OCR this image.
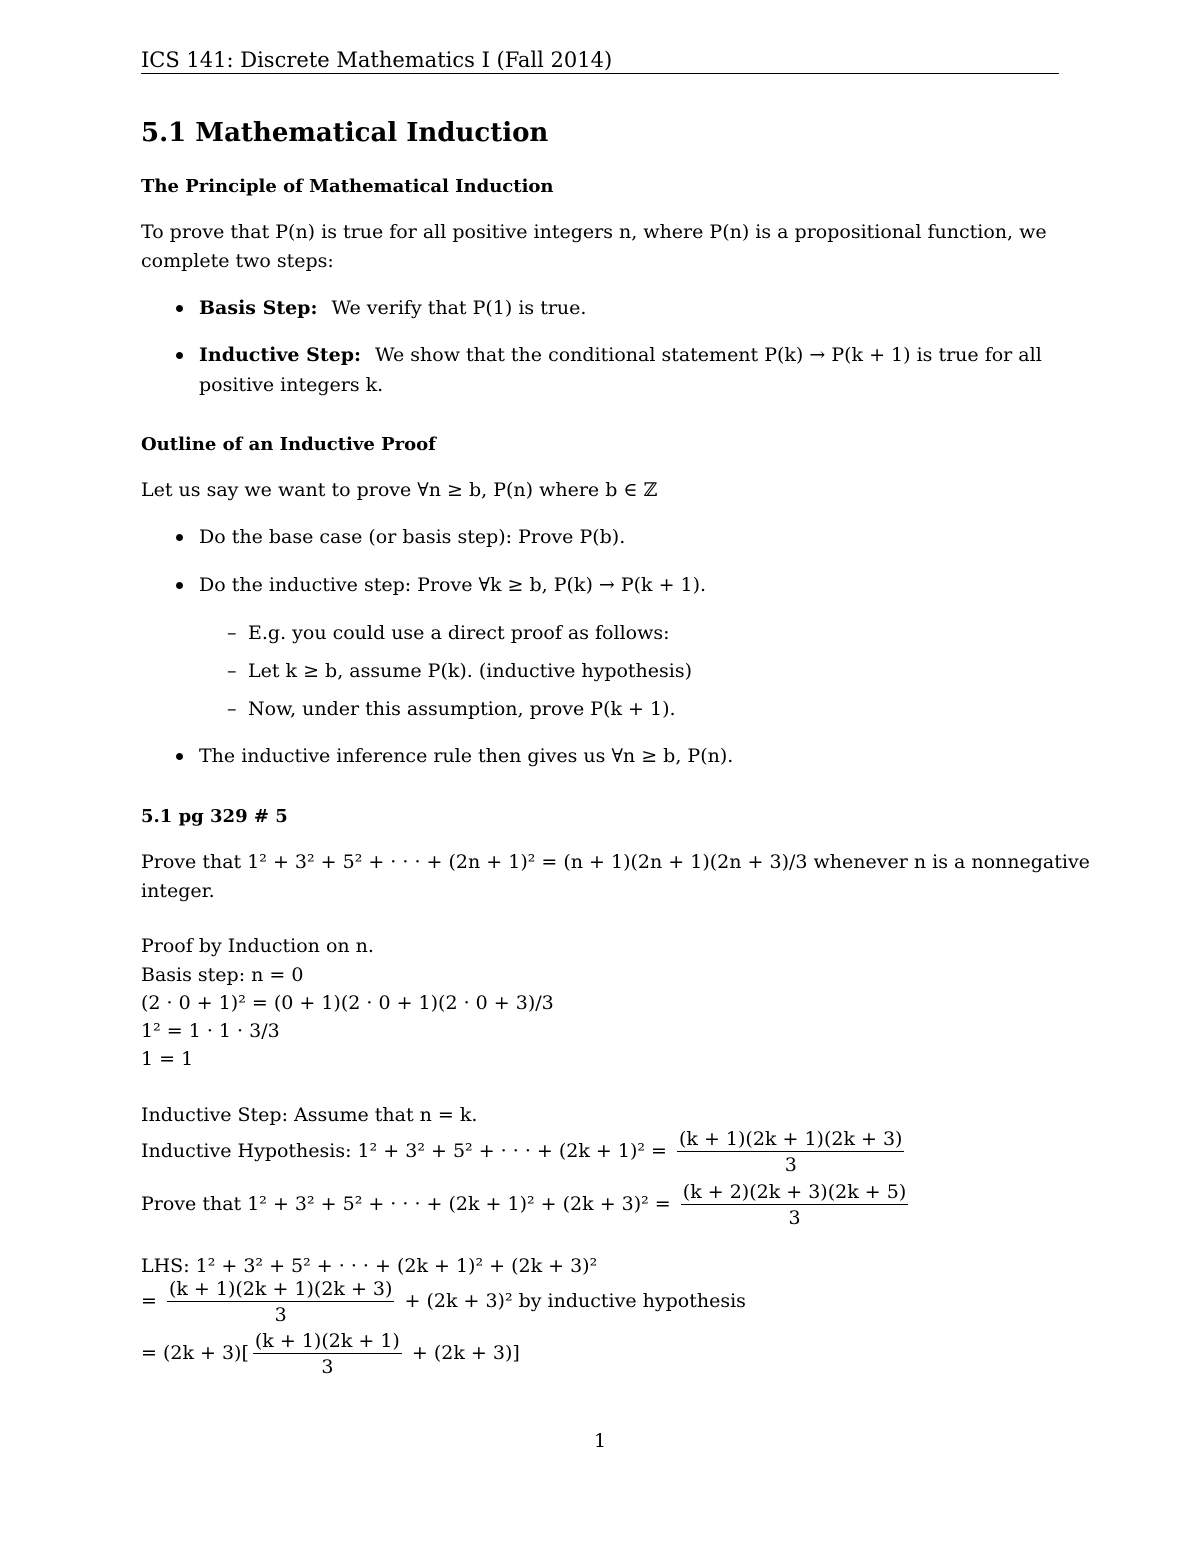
ICS 141: Discrete Mathematics I (Fall 2014)
5.1 Mathematical Induction
The Principle of Mathematical Induction
To prove that P(n) is true for all positive integers n, where P(n) is a propositional function, we
complete two steps:
Basis Step: We verify that P(1) is true.
Inductive Step: We show that the conditional statement P(k) → P(k + 1) is true for all
positive integers k.
Outline of an Inductive Proof
Let us say we want to prove ∀n ≥ b, P(n) where b ∈ ℤ
Do the base case (or basis step): Prove P(b).
Do the inductive step: Prove ∀k ≥ b, P(k) → P(k + 1).
– E.g. you could use a direct proof as follows:
– Let k ≥ b, assume P(k). (inductive hypothesis)
– Now, under this assumption, prove P(k + 1).
The inductive inference rule then gives us ∀n ≥ b, P(n).
5.1 pg 329 # 5
Prove that 1² + 3² + 5² + · · · + (2n + 1)² = (n + 1)(2n + 1)(2n + 3)/3 whenever n is a nonnegative
integer.
Proof by Induction on n.
Basis step: n = 0
(2 · 0 + 1)² = (0 + 1)(2 · 0 + 1)(2 · 0 + 3)/3
1² = 1 · 1 · 3/3
1 = 1
Inductive Step: Assume that n = k.
Inductive Hypothesis: 1² + 3² + 5² + · · · + $(2k + 1)^2 = \frac{(k + 1)(2k + 1)(2k + 3)}{3}$
Prove that 1² + 3² + 5² + · · · + $(2k + 1)^2 + (2k + 3)^2 = \frac{(k + 2)(2k + 3)(2k + 5)}{3}$
LHS: 1² + 3² + 5² + · · · + (2k + 1)² + (2k + 3)²
= $\frac{(k + 1)(2k + 1)(2k + 3)}{3} + (2k + 3)^2$ by inductive hypothesis
= $(2k + 3)[ \frac{(k + 1)(2k + 1)}{3} + (2k + 3)]$
1
